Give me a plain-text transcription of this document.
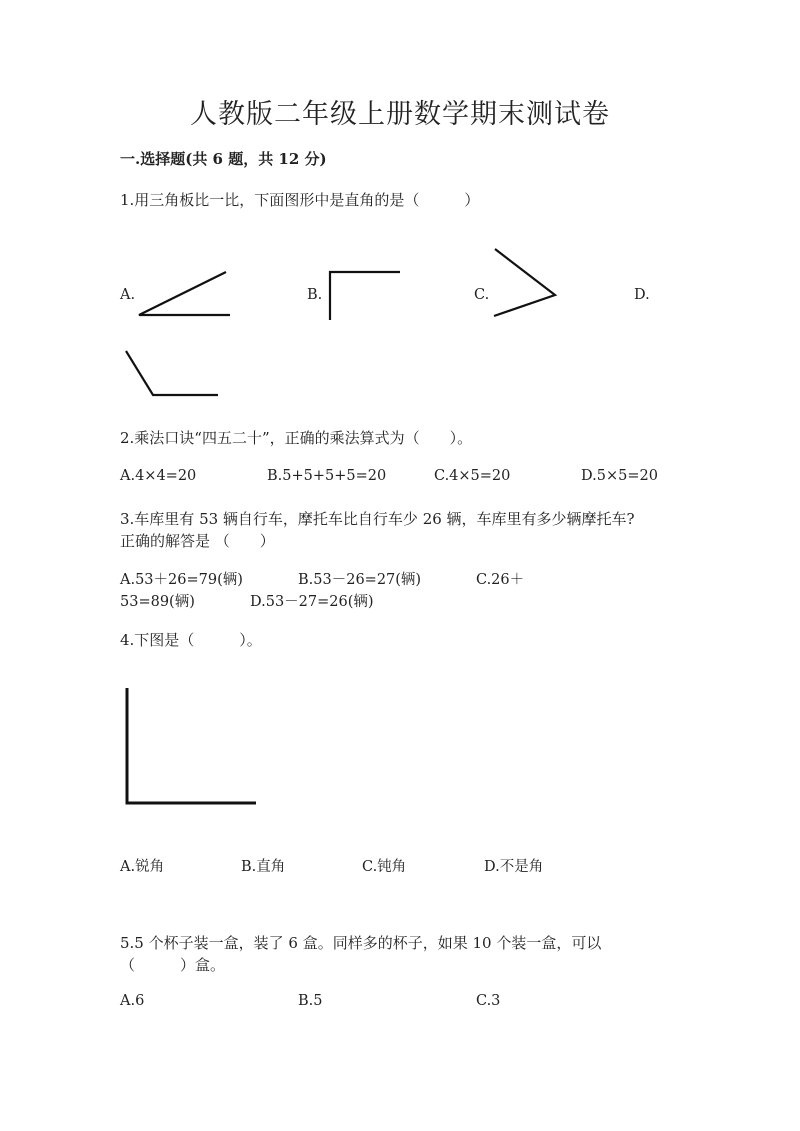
人教版二年级上册数学期末测试卷
一.选择题(共 6 题，共 12 分)
1.用三角板比一比，下面图形中是直角的是（　　　）
A.	B.	C.	D.
2.乘法口诀“四五二十”，正确的乘法算式为（　　）。
A.4×4=20	B.5+5+5+5=20	C.4×5=20	D.5×5=20
3.车库里有 53 辆自行车，摩托车比自行车少 26 辆，车库里有多少辆摩托车?
正确的解答是 （　　）
A.53＋26=79(辆)	B.53－26=27(辆)	C.26＋
53=89(辆)	D.53－27=26(辆)
4.下图是（　　　）。
A.锐角	B.直角	C.钝角	D.不是角
5.5 个杯子装一盒，装了 6 盒。同样多的杯子，如果 10 个装一盒，可以
（　　　）盒。
A.6	B.5	C.3
